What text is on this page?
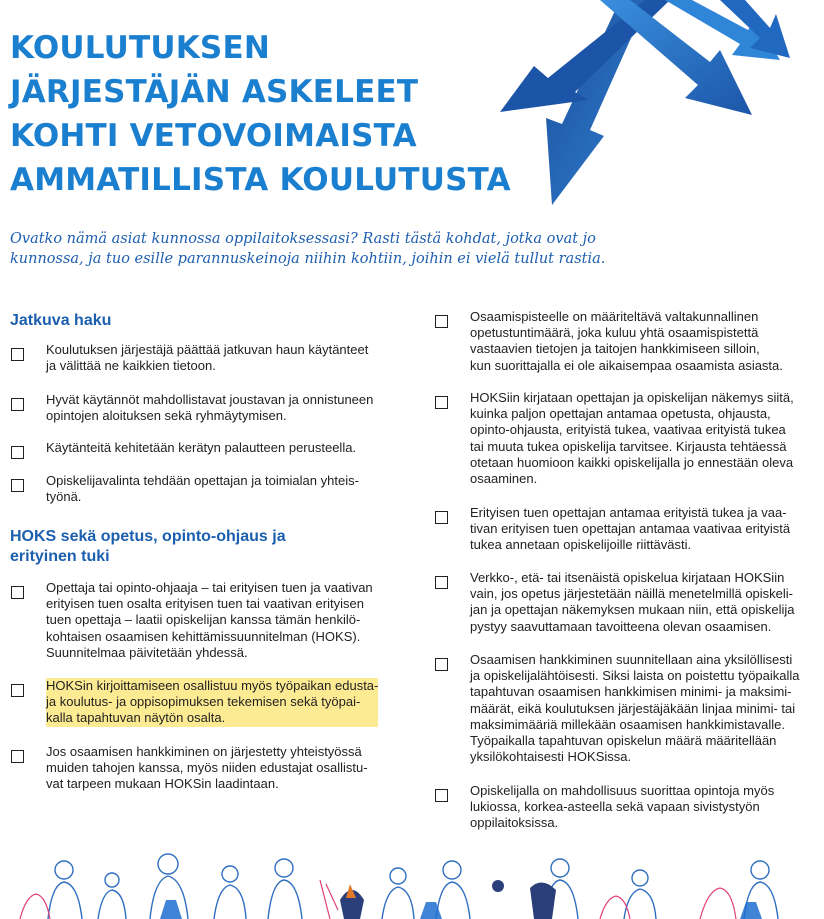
KOULUTUKSEN
JÄRJESTÄJÄN ASKELEET
KOHTI VETOVOIMAISTA
AMMATILLISTA KOULUTUSTA
Ovatko nämä asiat kunnossa oppilaitoksessasi? Rasti tästä kohdat, jotka ovat jo
kunnossa, ja tuo esille parannuskeinoja niihin kohtiin, joihin ei vielä tullut rastia.
Jatkuva haku
Koulutuksen järjestäjä päättää jatkuvan haun käytänteet
ja välittää ne kaikkien tietoon.
Hyvät käytännöt mahdollistavat joustavan ja onnistuneen
opintojen aloituksen sekä ryhmäytymisen.
Käytänteitä kehitetään kerätyn palautteen perusteella.
Opiskelijavalinta tehdään opettajan ja toimialan yhteis-
työnä.
HOKS sekä opetus, opinto-ohjaus ja
erityinen tuki
Opettaja tai opinto-ohjaaja – tai erityisen tuen ja vaativan
erityisen tuen osalta erityisen tuen tai vaativan erityisen
tuen opettaja – laatii opiskelijan kanssa tämän henkilö-
kohtaisen osaamisen kehittämissuunnitelman (HOKS).
Suunnitelmaa päivitetään yhdessä.
HOKSin kirjoittamiseen osallistuu myös työpaikan edusta-
ja koulutus- ja oppisopimuksen tekemisen sekä työpai-
kalla tapahtuvan näytön osalta.
Jos osaamisen hankkiminen on järjestetty yhteistyössä
muiden tahojen kanssa, myös niiden edustajat osallistu-
vat tarpeen mukaan HOKSin laadintaan.
Osaamispisteelle on määriteltävä valtakunnallinen
opetustuntimäärä, joka kuluu yhtä osaamispistettä
vastaavien tietojen ja taitojen hankkimiseen silloin,
kun suorittajalla ei ole aikaisempaa osaamista asiasta.
HOKSiin kirjataan opettajan ja opiskelijan näkemys siitä,
kuinka paljon opettajan antamaa opetusta, ohjausta,
opinto-ohjausta, erityistä tukea, vaativaa erityistä tukea
tai muuta tukea opiskelija tarvitsee. Kirjausta tehtäessä
otetaan huomioon kaikki opiskelijalla jo ennestään oleva
osaaminen.
Erityisen tuen opettajan antamaa erityistä tukea ja vaa-
tivan erityisen tuen opettajan antamaa vaativaa erityistä
tukea annetaan opiskelijoille riittävästi.
Verkko-, etä- tai itsenäistä opiskelua kirjataan HOKSiin
vain, jos opetus järjestetään näillä menetelmillä opiskeli-
jan ja opettajan näkemyksen mukaan niin, että opiskelija
pystyy saavuttamaan tavoitteena olevan osaamisen.
Osaamisen hankkiminen suunnitellaan aina yksilöllisesti
ja opiskelijalähtöisesti. Siksi laista on poistettu työpaikalla
tapahtuvan osaamisen hankkimisen minimi- ja maksimi-
määrät, eikä koulutuksen järjestäjäkään linjaa minimi- tai
maksimimääriä millekään osaamisen hankkimistavalle.
Työpaikalla tapahtuvan opiskelun määrä määritellään
yksilökohtaisesti HOKSissa.
Opiskelijalla on mahdollisuus suorittaa opintoja myös
lukiossa, korkea-asteella sekä vapaan sivistystyön
oppilaitoksissa.
